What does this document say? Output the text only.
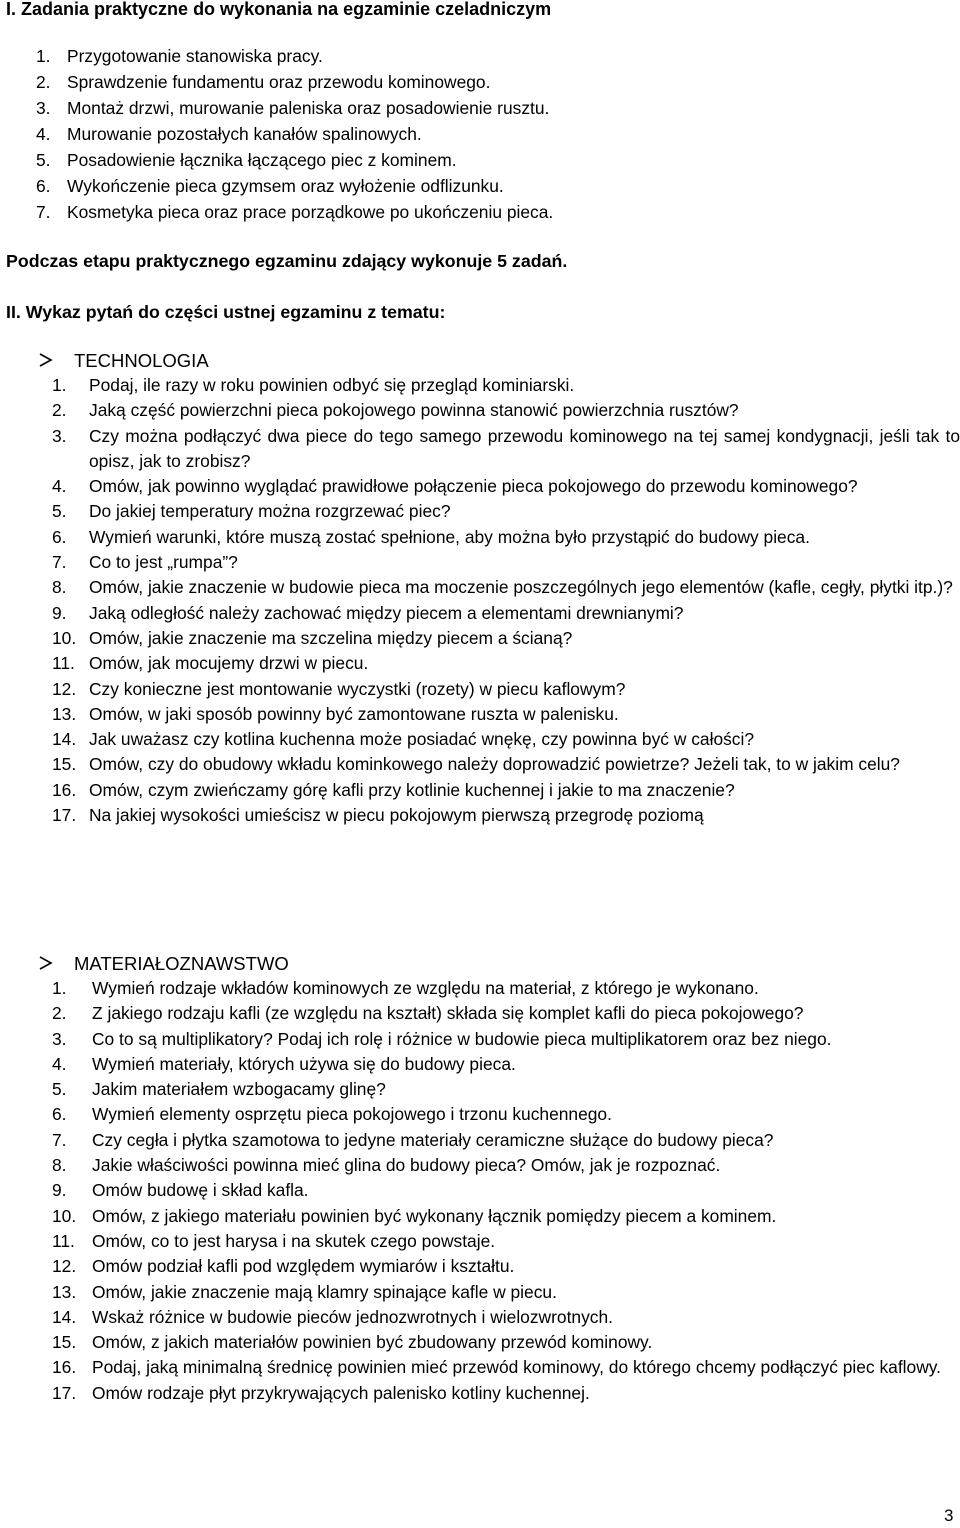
I. Zadania praktyczne do wykonania na egzaminie czeladniczym
1. Przygotowanie stanowiska pracy.
2. Sprawdzenie fundamentu oraz przewodu kominowego.
3. Montaż drzwi, murowanie paleniska oraz posadowienie rusztu.
4. Murowanie pozostałych kanałów spalinowych.
5. Posadowienie łącznika łączącego piec z kominem.
6. Wykończenie pieca gzymsem oraz wyłożenie odflizunku.
7. Kosmetyka pieca oraz prace porządkowe po ukończeniu pieca.
Podczas etapu praktycznego egzaminu zdający wykonuje 5 zadań.
II. Wykaz pytań do części ustnej egzaminu z tematu:
TECHNOLOGIA
1. Podaj, ile razy w roku powinien odbyć się przegląd kominiarski.
2. Jaką część powierzchni pieca pokojowego powinna stanowić powierzchnia rusztów?
3. Czy można podłączyć dwa piece do tego samego przewodu kominowego na tej samej kondygnacji, jeśli tak to opisz, jak to zrobisz?
4. Omów, jak powinno wyglądać prawidłowe połączenie pieca pokojowego do przewodu kominowego?
5. Do jakiej temperatury można rozgrzewać piec?
6. Wymień warunki, które muszą zostać spełnione, aby można było przystąpić do budowy pieca.
7. Co to jest „rumpa”?
8. Omów, jakie znaczenie w budowie pieca ma moczenie poszczególnych jego elementów (kafle, cegły, płytki itp.)?
9. Jaką odległość należy zachować między piecem a elementami drewnianymi?
10. Omów, jakie znaczenie ma szczelina między piecem a ścianą?
11. Omów, jak mocujemy drzwi w piecu.
12. Czy konieczne jest montowanie wyczystki (rozety) w piecu kaflowym?
13. Omów, w jaki sposób powinny być zamontowane ruszta w palenisku.
14. Jak uważasz czy kotlina kuchenna może posiadać wnękę, czy powinna być w całości?
15. Omów, czy do obudowy wkładu kominkowego należy doprowadzić powietrze? Jeżeli tak, to w jakim celu?
16. Omów, czym zwieńczamy górę kafli przy kotlinie kuchennej i jakie to ma znaczenie?
17. Na jakiej wysokości umieścisz w piecu pokojowym pierwszą przegrodę poziomą
MATERIAŁOZNAWSTWO
1. Wymień rodzaje wkładów kominowych ze względu na materiał, z którego je wykonano.
2. Z jakiego rodzaju kafli (ze względu na kształt) składa się komplet kafli do pieca pokojowego?
3. Co to są multiplikatory? Podaj ich rolę i różnice w budowie pieca multiplikatorem oraz bez niego.
4. Wymień materiały, których używa się do budowy pieca.
5. Jakim materiałem wzbogacamy glinę?
6. Wymień elementy osprzętu pieca pokojowego i trzonu kuchennego.
7. Czy cegła i płytka szamotowa to jedyne materiały ceramiczne służące do budowy pieca?
8. Jakie właściwości powinna mieć glina do budowy pieca? Omów, jak je rozpoznać.
9. Omów budowę i skład kafla.
10. Omów, z jakiego materiału powinien być wykonany łącznik pomiędzy piecem a kominem.
11. Omów, co to jest harysa i na skutek czego powstaje.
12. Omów podział kafli pod względem wymiarów i kształtu.
13. Omów, jakie znaczenie mają klamry spinające kafle w piecu.
14. Wskaż różnice w budowie pieców jednozwrotnych i wielozwrotnych.
15. Omów, z jakich materiałów powinien być zbudowany przewód kominowy.
16. Podaj, jaką minimalną średnicę powinien mieć przewód kominowy, do którego chcemy podłączyć piec kaflowy.
17. Omów rodzaje płyt przykrywających palenisko kotliny kuchennej.
3
